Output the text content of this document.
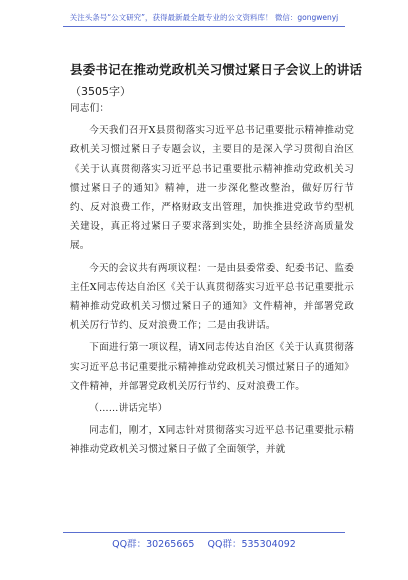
关注头条号“公文研究”，获得最新最全最专业的公文资料库！ 微信：gongwenyj
县委书记在推动党政机关习惯过紧日子会议上的讲话
（3505字）

同志们：

今天我们召开X县贯彻落实习近平总书记重要批示精神推动党政机关习惯过紧日子专题会议，主要目的是深入学习贯彻自治区《关于认真贯彻落实习近平总书记重要批示精神推动党政机关习惯过紧日子的通知》精神，进一步深化整改整治，做好厉行节约、反对浪费工作，严格财政支出管理，加快推进党政节约型机关建设，真正将过紧日子要求落到实处，助推全县经济高质量发展。

今天的会议共有两项议程：一是由县委常委、纪委书记、监委主任X同志传达自治区《关于认真贯彻落实习近平总书记重要批示精神推动党政机关习惯过紧日子的通知》文件精神，并部署党政机关厉行节约、反对浪费工作；二是由我讲话。

下面进行第一项议程，请X同志传达自治区《关于认真贯彻落实习近平总书记重要批示精神推动党政机关习惯过紧日子的通知》文件精神，并部署党政机关厉行节约、反对浪费工作。

（……讲话完毕）

同志们，刚才，X同志针对贯彻落实习近平总书记重要批示精神推动党政机关习惯过紧日子做了全面领学，并就

QQ群：30265665 QQ群：535304092
